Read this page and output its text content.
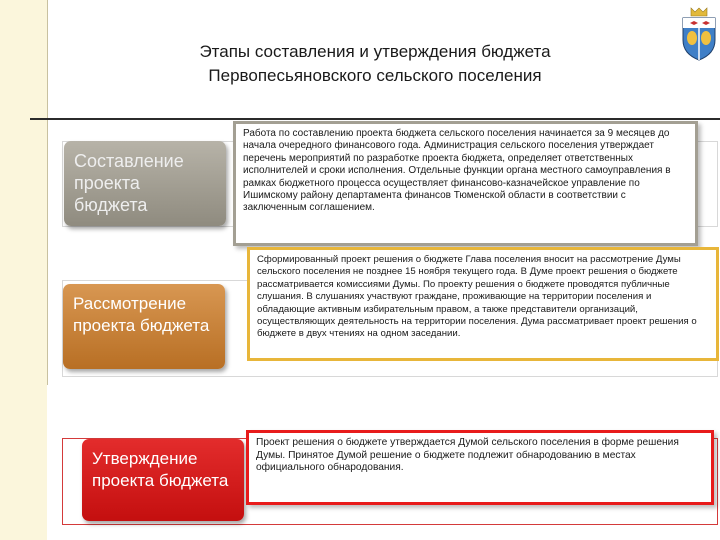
Этапы составления и утверждения бюджета
Первопесьяновского сельского поселения
Составление проекта бюджета
Работа по составлению проекта бюджета сельского поселения начинается за 9 месяцев до начала очередного финансового года. Администрация сельского поселения утверждает перечень мероприятий по разработке проекта бюджета, определяет ответственных исполнителей и сроки исполнения. Отдельные функции органа местного самоуправления в рамках бюджетного процесса осуществляет финансово-казначейское управление по Ишимскому району департамента финансов Тюменской области в соответствии с заключенным соглашением.
Рассмотрение проекта бюджета
Сформированный проект решения о бюджете Глава поселения вносит на рассмотрение Думы сельского поселения не позднее 15 ноября текущего года. В Думе проект решения о бюджете рассматривается комиссиями Думы. По проекту решения о бюджете проводятся публичные слушания. В слушаниях участвуют граждане, проживающие на территории поселения и обладающие активным избирательным правом, а также представители организаций, осуществляющих деятельность на территории поселения. Дума рассматривает проект решения о бюджете в двух чтениях на одном заседании.
Утверждение проекта бюджета
Проект решения о бюджете утверждается Думой сельского поселения в форме решения Думы. Принятое Думой решение о бюджете подлежит обнародованию в местах официального обнародования.
